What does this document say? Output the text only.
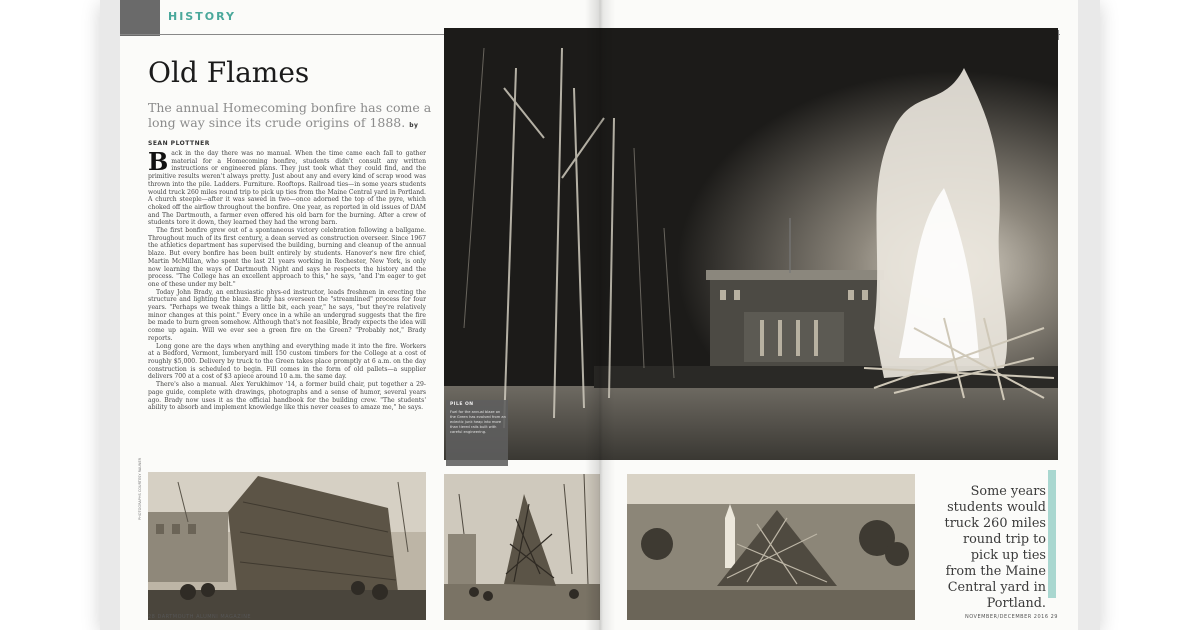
HISTORY
Old Flames
The annual Homecoming bonfire has come a long way since its crude origins of 1888. by SEAN PLOTTNER

Back in the day there was no manual. When the time came each fall to gather material for a Homecoming bonfire, students didn't consult any written instructions or engineered plans. They just took what they could find, and the primitive results weren't always pretty. Just about any and every kind of scrap wood was thrown into the pile. Ladders. Furniture. Rooftops. Railroad ties—in some years students would truck 260 miles round trip to pick up ties from the Maine Central yard in Portland. A church steeple—after it was sawed in two—once adorned the top of the pyre, which choked off the airflow throughout the bonfire. One year, as reported in old issues of DAM and The Dartmouth, a farmer even offered his old barn for the burning. After a crew of students tore it down, they learned they had the wrong barn.

The first bonfire grew out of a spontaneous victory celebration following a ballgame. Throughout much of its first century, a dean served as construction overseer. Since 1967 the athletics department has supervised the building, burning and cleanup of the annual blaze. But every bonfire has been built entirely by students. Hanover's new fire chief, Martin McMillan, who spent the last 21 years working in Rochester, New York, is only now learning the ways of Dartmouth Night and says he respects the history and the process. "The College has an excellent approach to this," he says, "and I'm eager to get one of these under my belt."

Today John Brady, an enthusiastic phys-ed instructor, leads freshmen in erecting the structure and lighting the blaze. Brady has overseen the "streamlined" process for four years. "Perhaps we tweak things a little bit, each year," he says, "but they're relatively minor changes at this point." Every once in a while an undergrad suggests that the fire be made to burn green somehow. Although that's not feasible, Brady expects the idea will come up again. Will we ever see a green fire on the Green? "Probably not," Brady reports.

Long gone are the days when anything and everything made it into the fire. Workers at a Bedford, Vermont, lumberyard mill 150 custom timbers for the College at a cost of roughly $5,000. Delivery by truck to the Green takes place promptly at 6 a.m. on the day construction is scheduled to begin. Fill comes in the form of old pallets—a supplier delivers 700 at a cost of $3 apiece around 10 a.m. the same day.

There's also a manual. Alex Yerukhimov '14, a former build chair, put together a 29-page guide, complete with drawings, photographs and a sense of humor, several years ago. Brady now uses it as the official handbook for the building crew. "The students' ability to absorb and implement knowledge like this never ceases to amaze me," he says.	PILE ON
Fuel for the annual blaze on the Green has evolved from an eclectic junk heap into more than tiered rails built with careful engineering.
PHOTOGRAPHS COURTESY RAUNER	Some years students would truck 260 miles round trip to pick up ties from the Maine Central yard in Portland.
28 DARTMOUTH ALUMNI MAGAZINE	NOVEMBER/DECEMBER 2016 29
